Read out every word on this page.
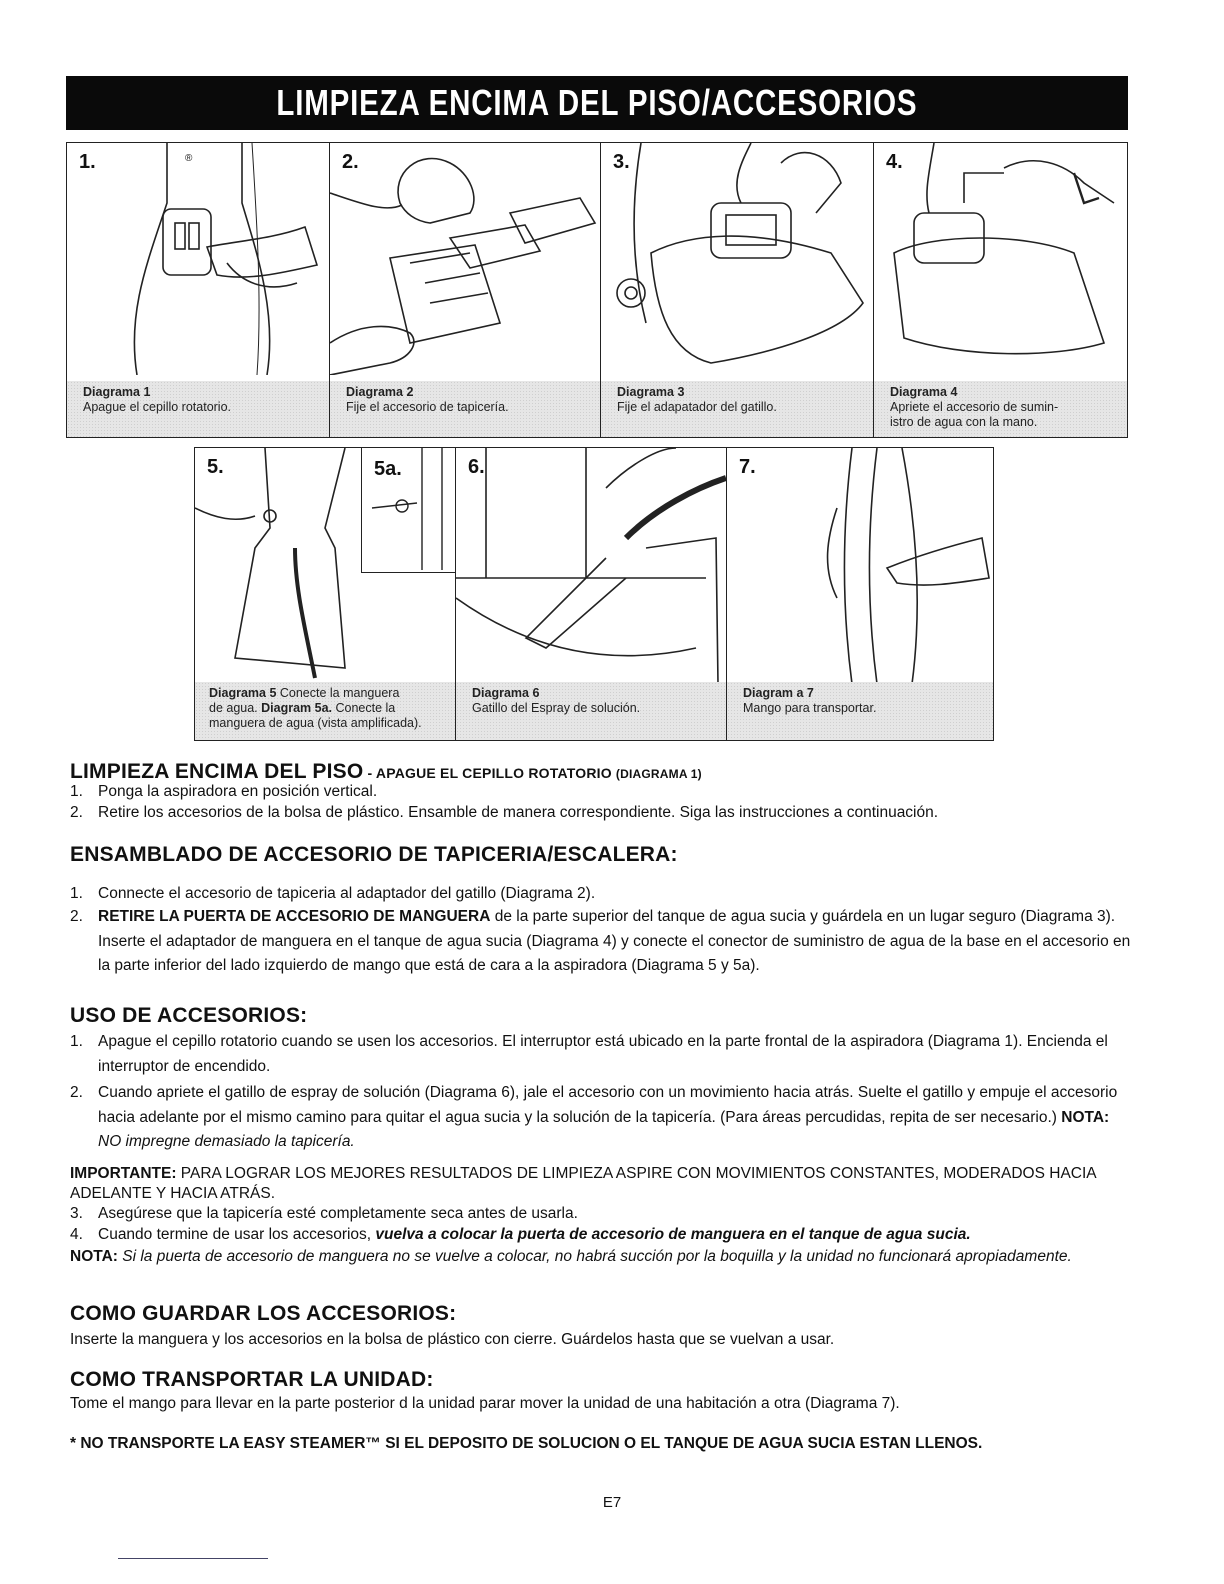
LIMPIEZA ENCIMA DEL PISO/ACCESORIOS
1.	®
Diagrama 1
Apague el cepillo rotatorio.
2.
Diagrama 2
Fije el accesorio de tapicería.
3.
Diagrama 3
Fije el adapatador del gatillo.
4.
Diagrama 4
Apriete el accesorio de sumin-
istro de agua con la mano.
5.	5a.
Diagrama 5 Conecte la manguera
de agua. Diagram 5a. Conecte la
manguera de agua (vista amplificada).
6.
Diagrama 6
Gatillo del Espray de solución.
7.
Diagram a 7
Mango para transportar.
LIMPIEZA ENCIMA DEL PISO - APAGUE EL CEPILLO ROTATORIO (DIAGRAMA 1)
1. Ponga la aspiradora en posición vertical.
2. Retire los accesorios de la bolsa de plástico. Ensamble de manera correspondiente. Siga las instrucciones a continuación.
ENSAMBLADO DE ACCESORIO DE TAPICERIA/ESCALERA:
1. Connecte el accesorio de tapiceria al adaptador del gatillo (Diagrama 2).
2. RETIRE LA PUERTA DE ACCESORIO DE MANGUERA de la parte superior del tanque de agua sucia y guárdela en un lugar seguro (Diagrama 3). Inserte el adaptador de manguera en el tanque de agua sucia (Diagrama 4) y conecte el conector de suministro de agua de la base en el accesorio en la parte inferior del lado izquierdo de mango que está de cara a la aspiradora (Diagrama 5 y 5a).
USO DE ACCESORIOS:
1. Apague el cepillo rotatorio cuando se usen los accesorios. El interruptor está ubicado en la parte frontal de la aspiradora (Diagrama 1). Encienda el interruptor de encendido.
2. Cuando apriete el gatillo de espray de solución (Diagrama 6), jale el accesorio con un movimiento hacia atrás. Suelte el gatillo y empuje el accesorio hacia adelante por el mismo camino para quitar el agua sucia y la solución de la tapicería. (Para áreas percudidas, repita de ser necesario.) NOTA: NO impregne demasiado la tapicería.
IMPORTANTE: PARA LOGRAR LOS MEJORES RESULTADOS DE LIMPIEZA ASPIRE CON MOVIMIENTOS CONSTANTES, MODERADOS HACIA ADELANTE Y HACIA ATRÁS.
3. Asegúrese que la tapicería esté completamente seca antes de usarla.
4. Cuando termine de usar los accesorios, vuelva a colocar la puerta de accesorio de manguera en el tanque de agua sucia.
NOTA: Si la puerta de accesorio de manguera no se vuelve a colocar, no habrá succión por la boquilla y la unidad no funcionará apropiadamente.
COMO GUARDAR LOS ACCESORIOS:
Inserte la manguera y los accesorios en la bolsa de plástico con cierre. Guárdelos hasta que se vuelvan a usar.
COMO TRANSPORTAR LA UNIDAD:
Tome el mango para llevar en la parte posterior d la unidad parar mover la unidad de una habitación a otra (Diagrama 7).
* NO TRANSPORTE LA EASY STEAMER™ SI EL DEPOSITO DE SOLUCION O EL TANQUE DE AGUA SUCIA ESTAN LLENOS.
E7
